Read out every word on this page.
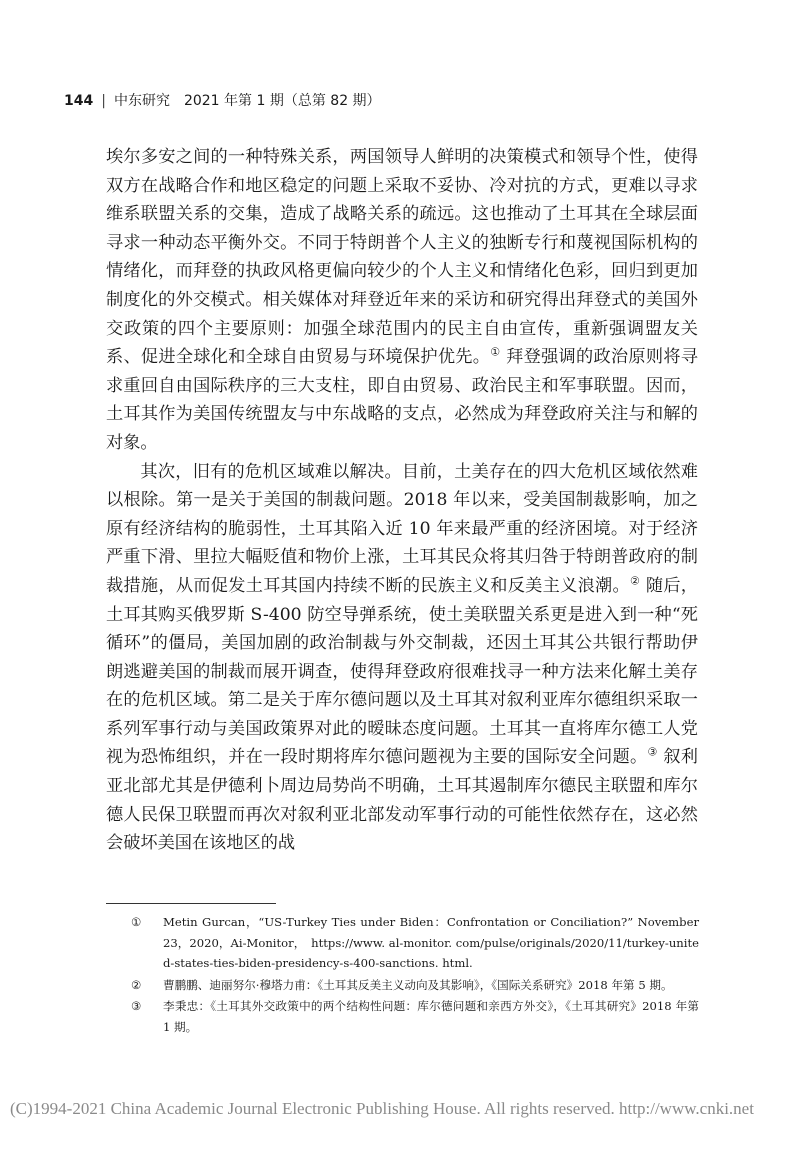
144 | 中东研究　2021 年第 1 期（总第 82 期）

埃尔多安之间的一种特殊关系，两国领导人鲜明的决策模式和领导个性，使得双方在战略合作和地区稳定的问题上采取不妥协、冷对抗的方式，更难以寻求维系联盟关系的交集，造成了战略关系的疏远。这也推动了土耳其在全球层面寻求一种动态平衡外交。不同于特朗普个人主义的独断专行和蔑视国际机构的情绪化，而拜登的执政风格更偏向较少的个人主义和情绪化色彩，回归到更加制度化的外交模式。相关媒体对拜登近年来的采访和研究得出拜登式的美国外交政策的四个主要原则：加强全球范围内的民主自由宣传，重新强调盟友关系、促进全球化和全球自由贸易与环境保护优先。① 拜登强调的政治原则将寻求重回自由国际秩序的三大支柱，即自由贸易、政治民主和军事联盟。因而，土耳其作为美国传统盟友与中东战略的支点，必然成为拜登政府关注与和解的对象。

其次，旧有的危机区域难以解决。目前，土美存在的四大危机区域依然难以根除。第一是关于美国的制裁问题。2018 年以来，受美国制裁影响，加之原有经济结构的脆弱性，土耳其陷入近 10 年来最严重的经济困境。对于经济严重下滑、里拉大幅贬值和物价上涨，土耳其民众将其归咎于特朗普政府的制裁措施，从而促发土耳其国内持续不断的民族主义和反美主义浪潮。② 随后，土耳其购买俄罗斯 S-400 防空导弹系统，使土美联盟关系更是进入到一种“死循环”的僵局，美国加剧的政治制裁与外交制裁，还因土耳其公共银行帮助伊朗逃避美国的制裁而展开调查，使得拜登政府很难找寻一种方法来化解土美存在的危机区域。第二是关于库尔德问题以及土耳其对叙利亚库尔德组织采取一系列军事行动与美国政策界对此的暧昧态度问题。土耳其一直将库尔德工人党视为恐怖组织，并在一段时期将库尔德问题视为主要的国际安全问题。③ 叙利亚北部尤其是伊德利卜周边局势尚不明确，土耳其遏制库尔德民主联盟和库尔德人民保卫联盟而再次对叙利亚北部发动军事行动的可能性依然存在，这必然会破坏美国在该地区的战

① Metin Gurcan，“US-Turkey Ties under Biden：Confrontation or Conciliation?” November 23，2020，Ai-Monitor，　https://www. al-monitor. com/pulse/originals/2020/11/turkey-united-states-ties-biden-presidency-s-400-sanctions. html.
② 曹鹏鹏、迪丽努尔·穆塔力甫：《土耳其反美主义动向及其影响》，《国际关系研究》2018 年第 5 期。
③ 李秉忠：《土耳其外交政策中的两个结构性问题：库尔德问题和亲西方外交》，《土耳其研究》2018 年第 1 期。
(C)1994-2021 China Academic Journal Electronic Publishing House. All rights reserved. http://www.cnki.net
